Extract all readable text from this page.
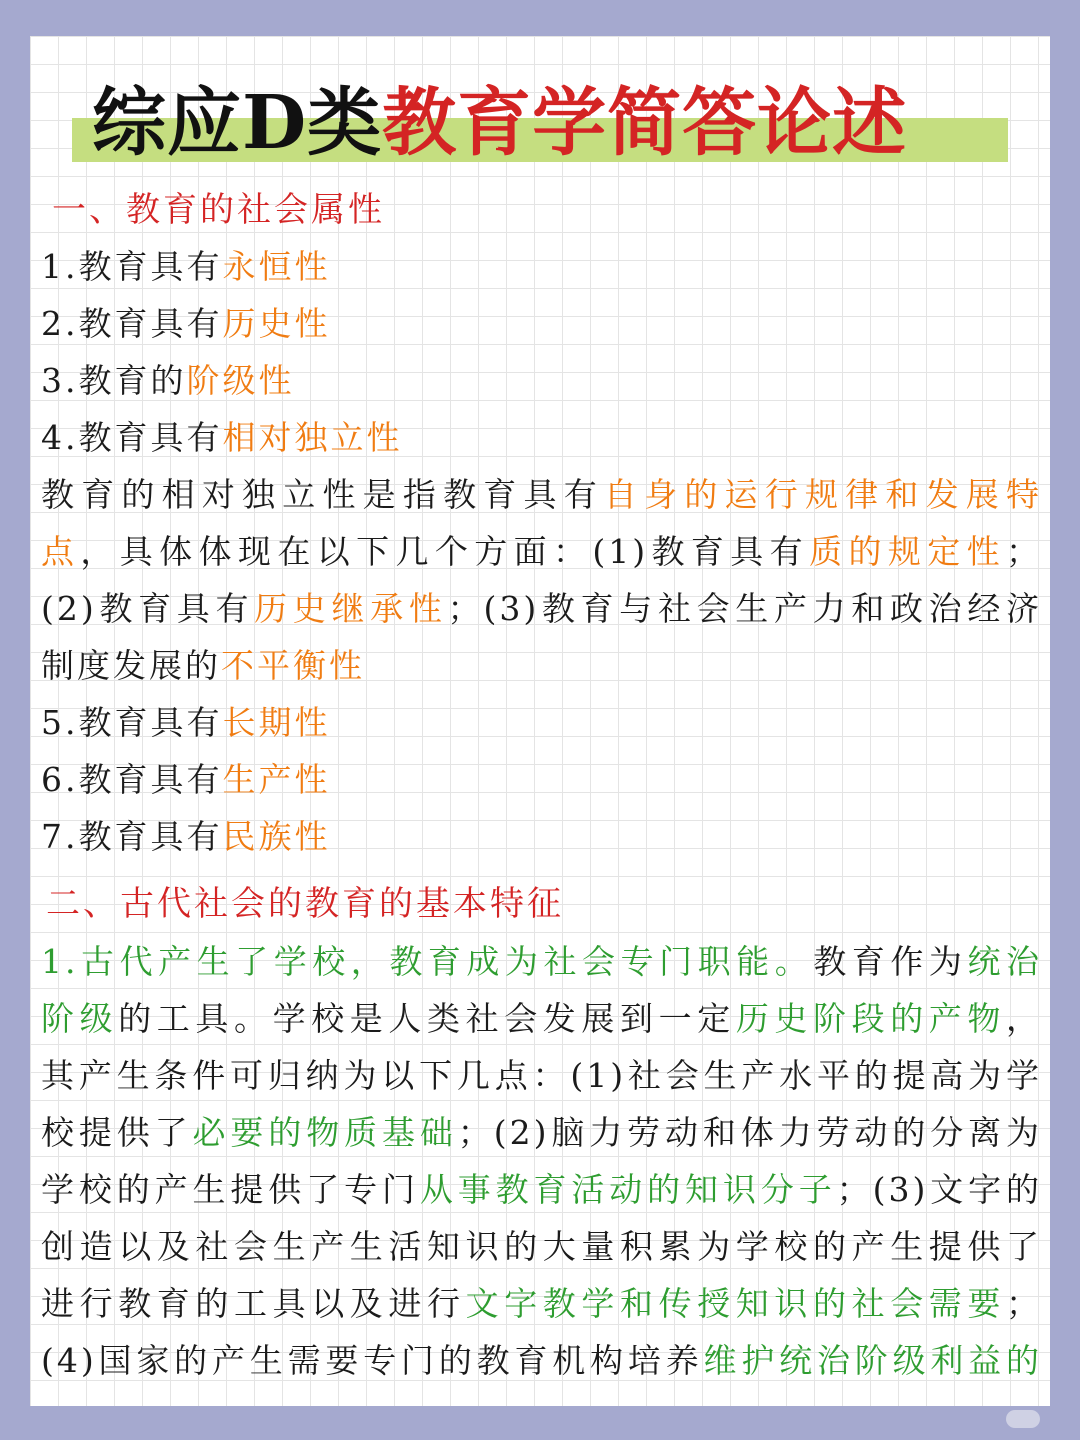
综应D类教育学简答论述
一、教育的社会属性
1.教育具有永恒性
2.教育具有历史性
3.教育的阶级性
4.教育具有相对独立性
教育的相对独立性是指教育具有自身的运行规律和发展特
点，具体体现在以下几个方面：(1)教育具有质的规定性；
(2)教育具有历史继承性；(3)教育与社会生产力和政治经济
制度发展的不平衡性
5.教育具有长期性
6.教育具有生产性
7.教育具有民族性
二、古代社会的教育的基本特征
1.古代产生了学校，教育成为社会专门职能。教育作为统治
阶级的工具。学校是人类社会发展到一定历史阶段的产物，
其产生条件可归纳为以下几点：(1)社会生产水平的提高为学
校提供了必要的物质基础；(2)脑力劳动和体力劳动的分离为
学校的产生提供了专门从事教育活动的知识分子；(3)文字的
创造以及社会生产生活知识的大量积累为学校的产生提供了
进行教育的工具以及进行文字教学和传授知识的社会需要；
(4)国家的产生需要专门的教育机构培养维护统治阶级利益的
